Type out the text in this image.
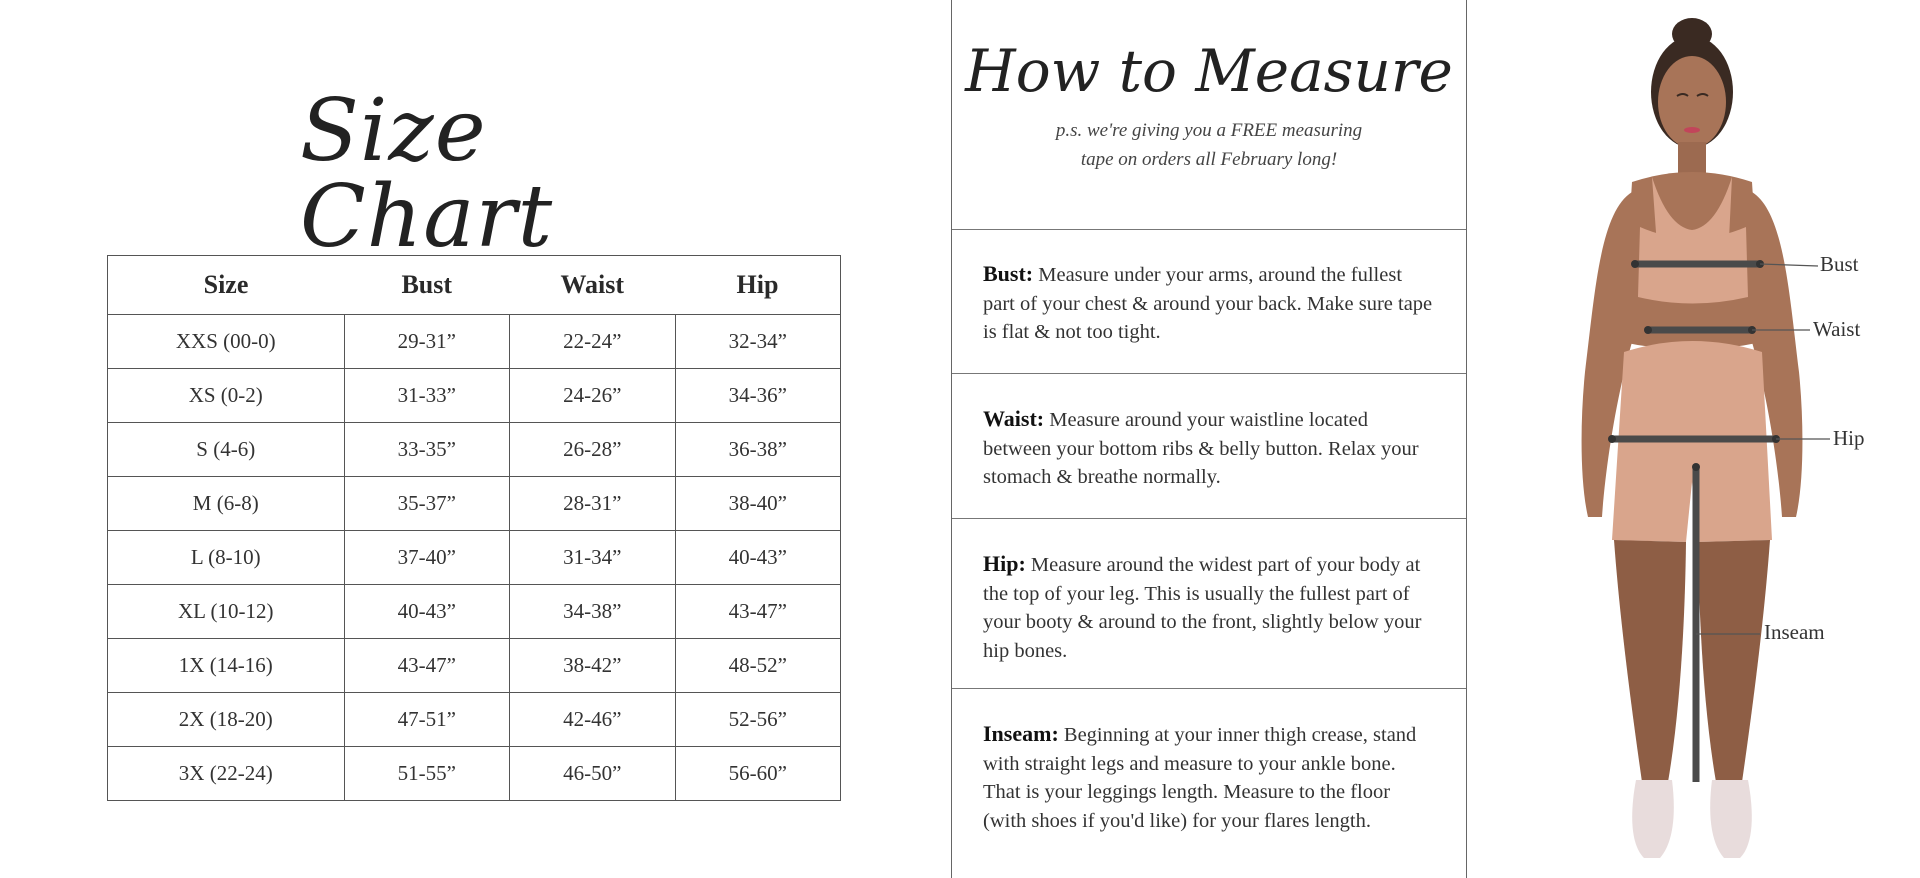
Size Chart
Size	Bust	Waist	Hip
XXS (00-0)	29-31”	22-24”	32-34”
XS (0-2)	31-33”	24-26”	34-36”
S (4-6)	33-35”	26-28”	36-38”
M (6-8)	35-37”	28-31”	38-40”
L (8-10)	37-40”	31-34”	40-43”
XL (10-12)	40-43”	34-38”	43-47”
1X (14-16)	43-47”	38-42”	48-52”
2X (18-20)	47-51”	42-46”	52-56”
3X (22-24)	51-55”	46-50”	56-60”
How to Measure
p.s. we're giving you a FREE measuring
tape on orders all February long!
Bust: Measure under your arms, around the fullest part of your chest & around your back. Make sure tape is flat & not too tight.
Waist: Measure around your waistline located between your bottom ribs & belly button. Relax your stomach & breathe normally.
Hip: Measure around the widest part of your body at the top of your leg. This is usually the fullest part of your booty & around to the front, slightly below your hip bones.
Inseam: Beginning at your inner thigh crease, stand with straight legs and measure to your ankle bone. That is your leggings length. Measure to the floor (with shoes if you'd like) for your flares length.
Bust
Waist
Hip
Inseam
